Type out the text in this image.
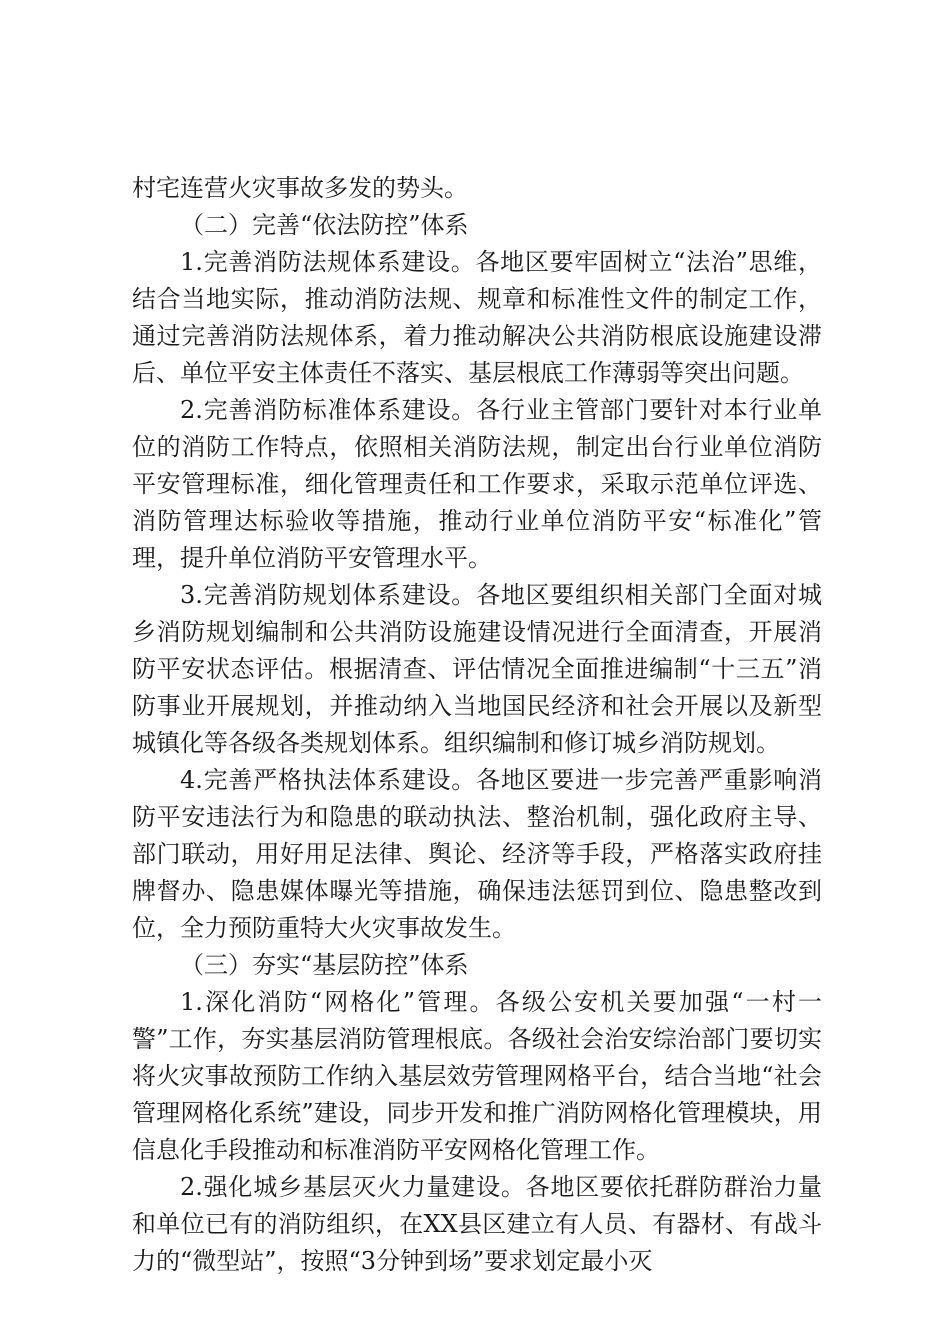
村宅连营火灾事故多发的势头。

（二）完善“依法防控”体系

1.完善消防法规体系建设。各地区要牢固树立“法治”思维，结合当地实际，推动消防法规、规章和标准性文件的制定工作，通过完善消防法规体系，着力推动解决公共消防根底设施建设滞后、单位平安主体责任不落实、基层根底工作薄弱等突出问题。

2.完善消防标准体系建设。各行业主管部门要针对本行业单位的消防工作特点，依照相关消防法规，制定出台行业单位消防平安管理标准，细化管理责任和工作要求，采取示范单位评选、消防管理达标验收等措施，推动行业单位消防平安“标准化”管理，提升单位消防平安管理水平。

3.完善消防规划体系建设。各地区要组织相关部门全面对城乡消防规划编制和公共消防设施建设情况进行全面清查，开展消防平安状态评估。根据清查、评估情况全面推进编制“十三五”消防事业开展规划，并推动纳入当地国民经济和社会开展以及新型城镇化等各级各类规划体系。组织编制和修订城乡消防规划。

4.完善严格执法体系建设。各地区要进一步完善严重影响消防平安违法行为和隐患的联动执法、整治机制，强化政府主导、部门联动，用好用足法律、舆论、经济等手段，严格落实政府挂牌督办、隐患媒体曝光等措施，确保违法惩罚到位、隐患整改到位，全力预防重特大火灾事故发生。

（三）夯实“基层防控”体系

1.深化消防“网格化”管理。各级公安机关要加强“一村一警”工作，夯实基层消防管理根底。各级社会治安综治部门要切实将火灾事故预防工作纳入基层效劳管理网格平台，结合当地“社会管理网格化系统”建设，同步开发和推广消防网格化管理模块，用信息化手段推动和标准消防平安网格化管理工作。

2.强化城乡基层灭火力量建设。各地区要依托群防群治力量和单位已有的消防组织，在XX县区建立有人员、有器材、有战斗力的“微型站”，按照“3分钟到场”要求划定最小灭
